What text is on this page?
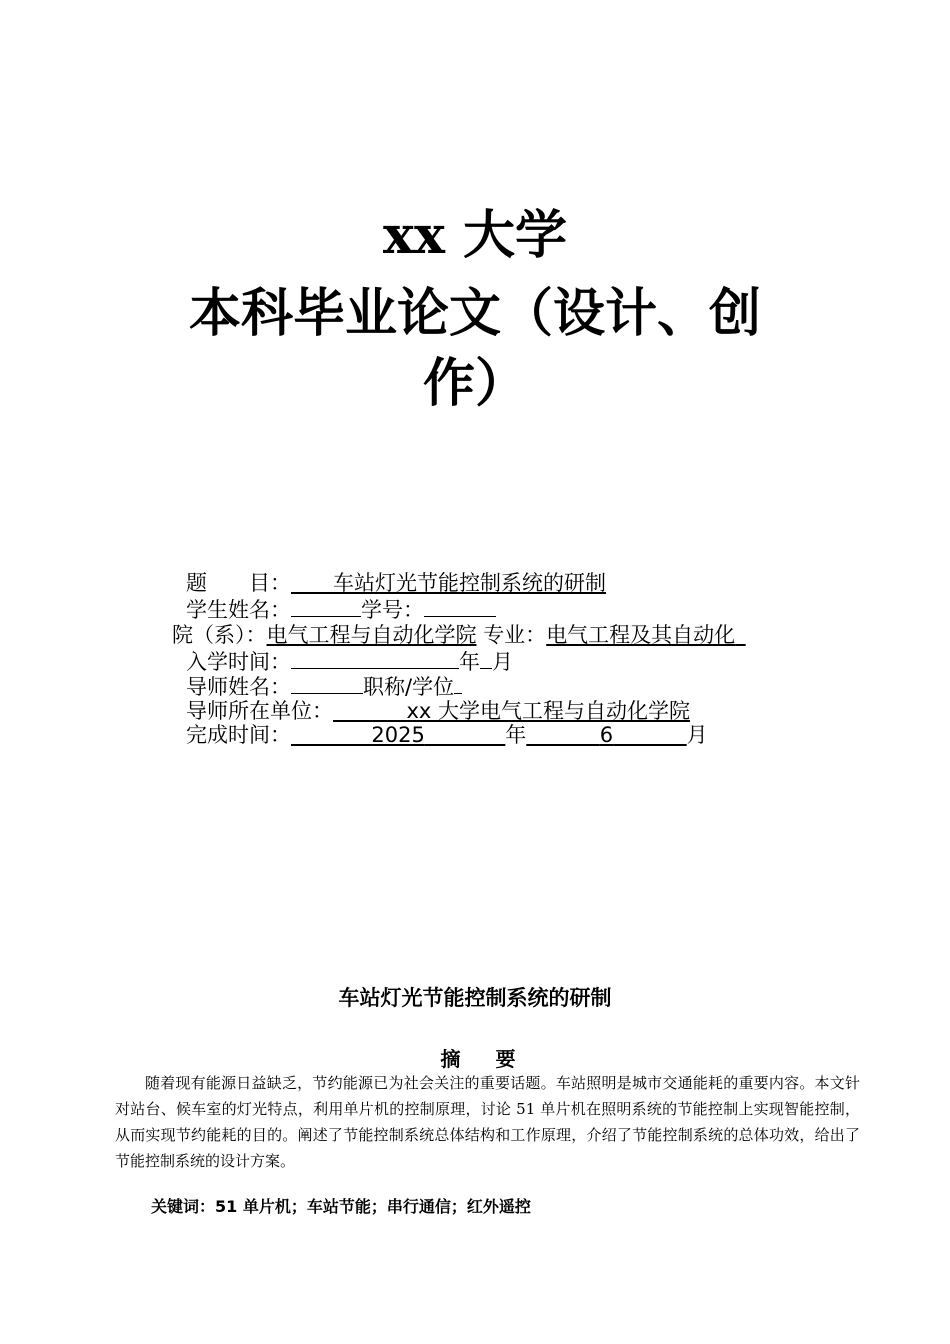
xx 大学
本科毕业论文（设计、创
作）
题　　目：    车站灯光节能控制系统的研制
学生姓名：	学号：
院（系）：电气工程与自动化学院 专业：电气工程及其自动化 
入学时间：	年 月
导师姓名：	职称/学位
导师所在单位：    	xx 大学电气工程与自动化学院
完成时间：     	2025     	年    	6    	月
车站灯光节能控制系统的研制
摘 要
随着现有能源日益缺乏，节约能源已为社会关注的重要话题。车站照明是城市交通能耗的重要内容。本文针对站台、候车室的灯光特点，利用单片机的控制原理，讨论 51 单片机在照明系统的节能控制上实现智能控制，从而实现节约能耗的目的。阐述了节能控制系统总体结构和工作原理，介绍了节能控制系统的总体功效，给出了节能控制系统的设计方案。
关键词：51 单片机；车站节能；串行通信；红外遥控
